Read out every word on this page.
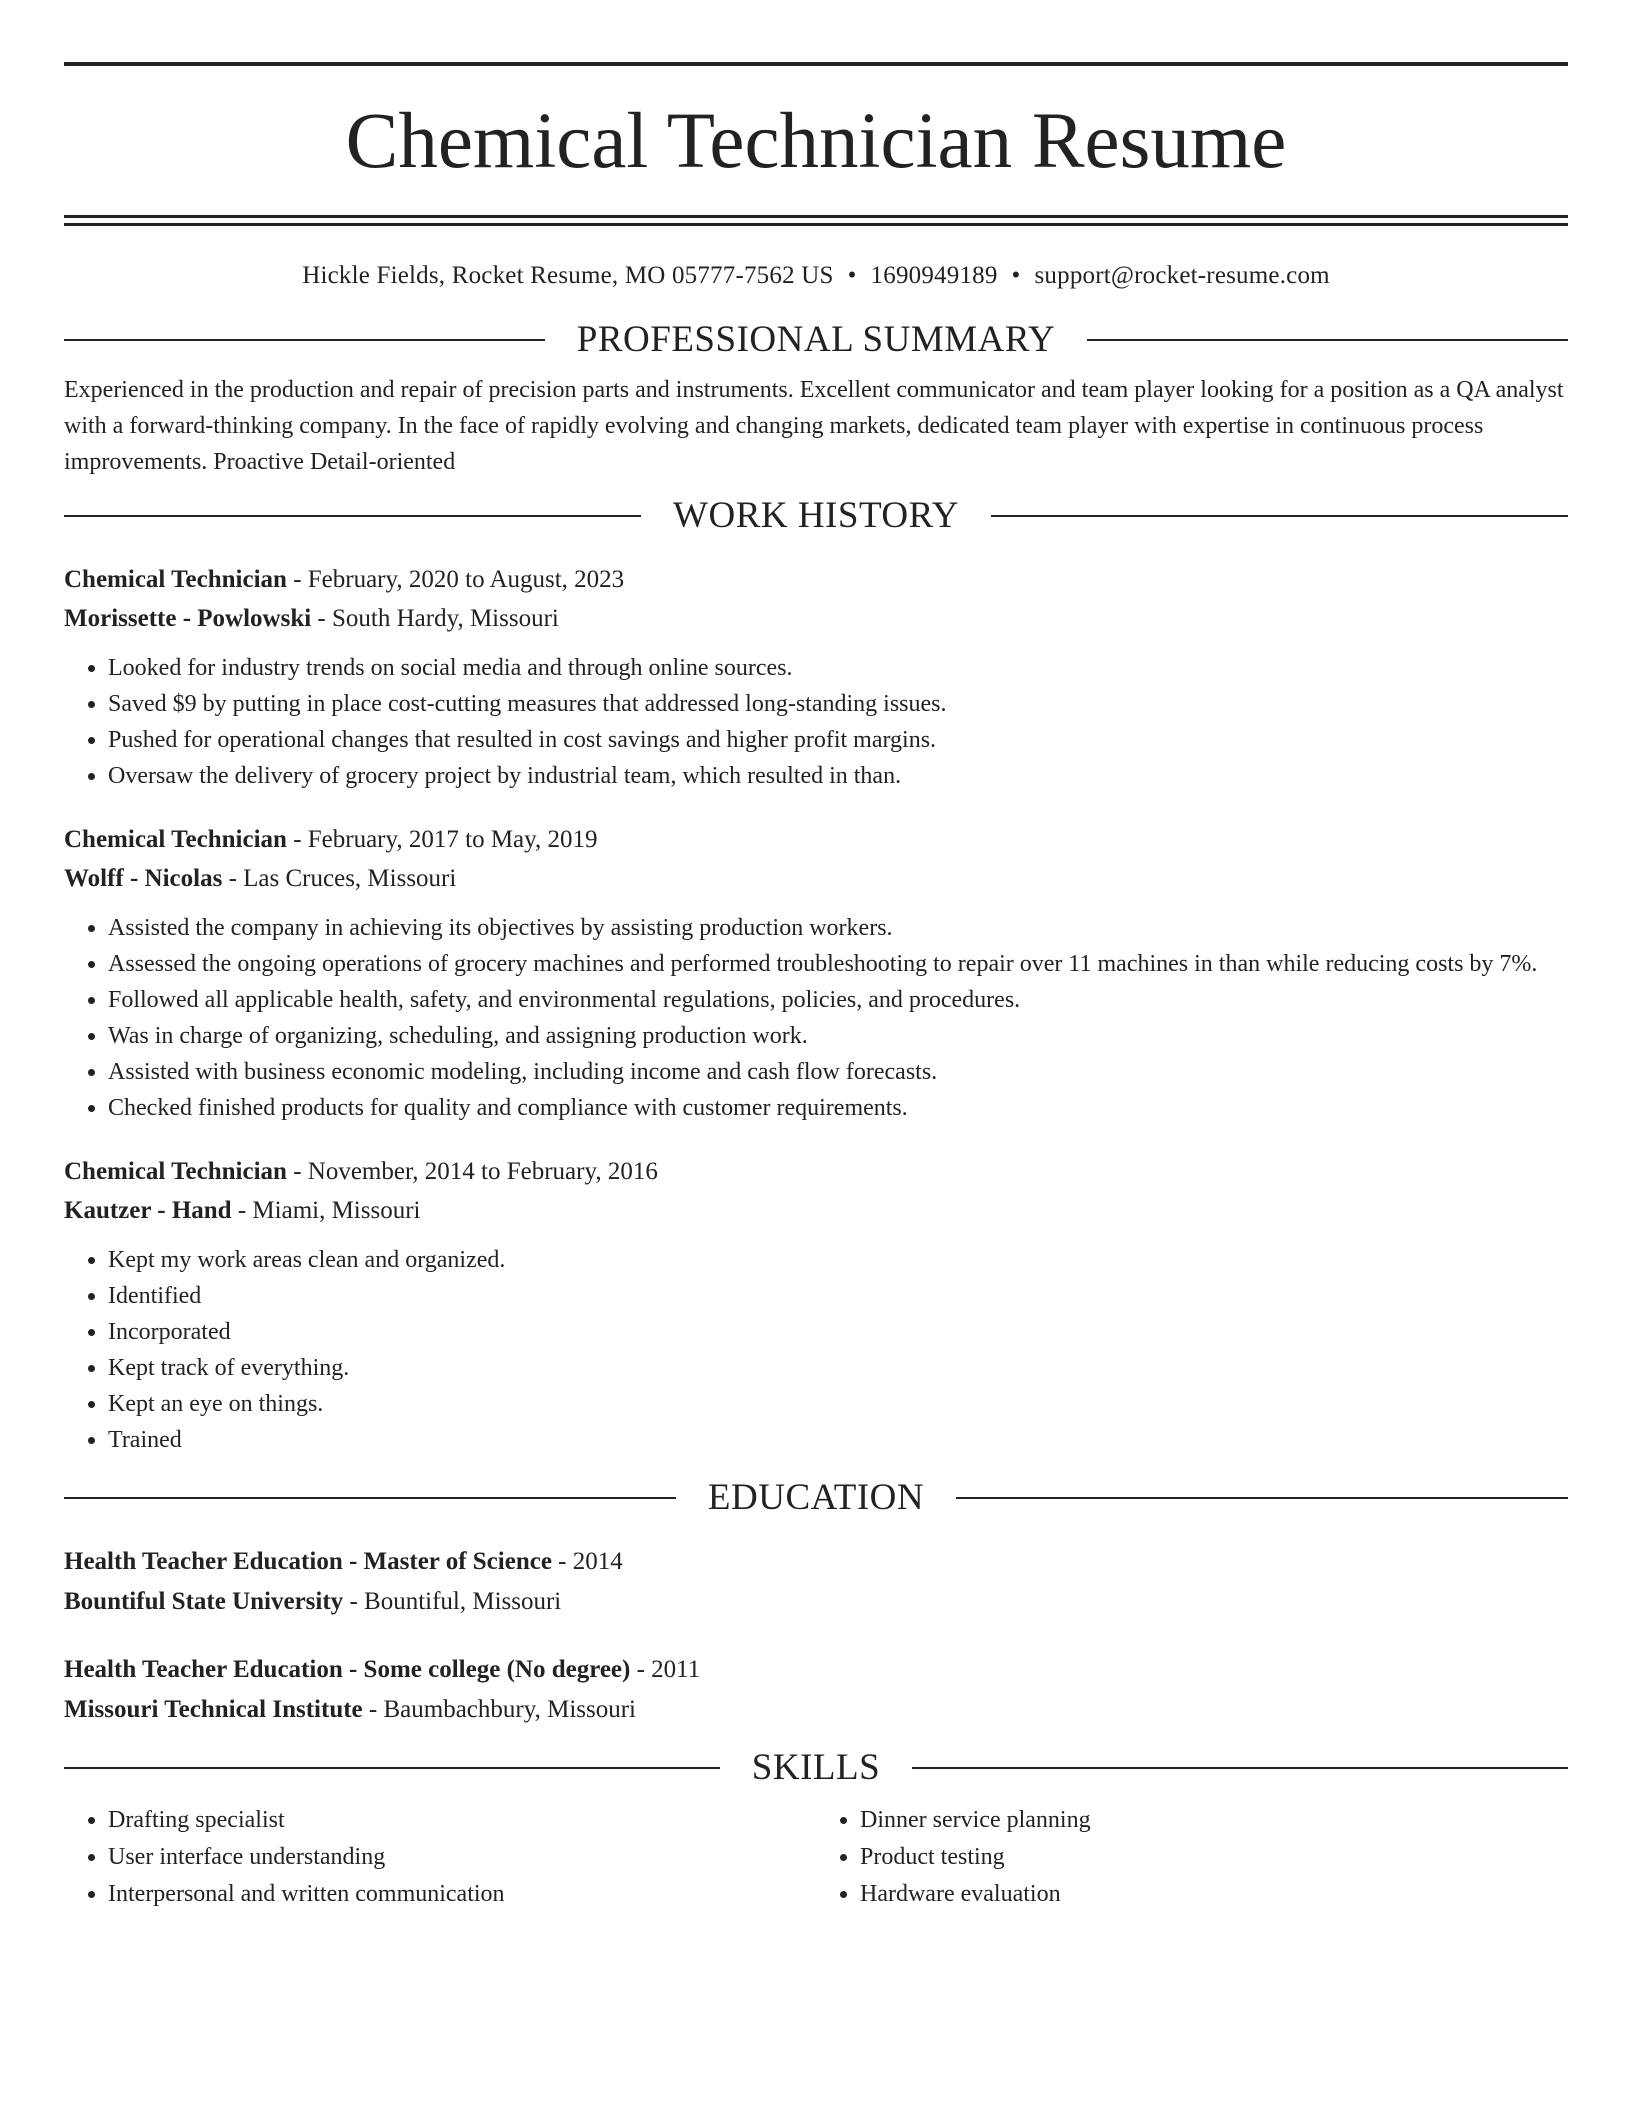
Chemical Technician Resume
Hickle Fields, Rocket Resume, MO 05777-7562 US • 1690949189 • support@rocket-resume.com
PROFESSIONAL SUMMARY
Experienced in the production and repair of precision parts and instruments. Excellent communicator and team player looking for a position as a QA analyst with a forward-thinking company. In the face of rapidly evolving and changing markets, dedicated team player with expertise in continuous process improvements. Proactive Detail-oriented
WORK HISTORY
Chemical Technician - February, 2020 to August, 2023
Morissette - Powlowski - South Hardy, Missouri
• Looked for industry trends on social media and through online sources.
• Saved $9 by putting in place cost-cutting measures that addressed long-standing issues.
• Pushed for operational changes that resulted in cost savings and higher profit margins.
• Oversaw the delivery of grocery project by industrial team, which resulted in than.
Chemical Technician - February, 2017 to May, 2019
Wolff - Nicolas - Las Cruces, Missouri
• Assisted the company in achieving its objectives by assisting production workers.
• Assessed the ongoing operations of grocery machines and performed troubleshooting to repair over 11 machines in than while reducing costs by 7%.
• Followed all applicable health, safety, and environmental regulations, policies, and procedures.
• Was in charge of organizing, scheduling, and assigning production work.
• Assisted with business economic modeling, including income and cash flow forecasts.
• Checked finished products for quality and compliance with customer requirements.
Chemical Technician - November, 2014 to February, 2016
Kautzer - Hand - Miami, Missouri
• Kept my work areas clean and organized.
• Identified
• Incorporated
• Kept track of everything.
• Kept an eye on things.
• Trained
EDUCATION
Health Teacher Education - Master of Science - 2014
Bountiful State University - Bountiful, Missouri
Health Teacher Education - Some college (No degree) - 2011
Missouri Technical Institute - Baumbachbury, Missouri
SKILLS
• Drafting specialist
• User interface understanding
• Interpersonal and written communication
• Dinner service planning
• Product testing
• Hardware evaluation
